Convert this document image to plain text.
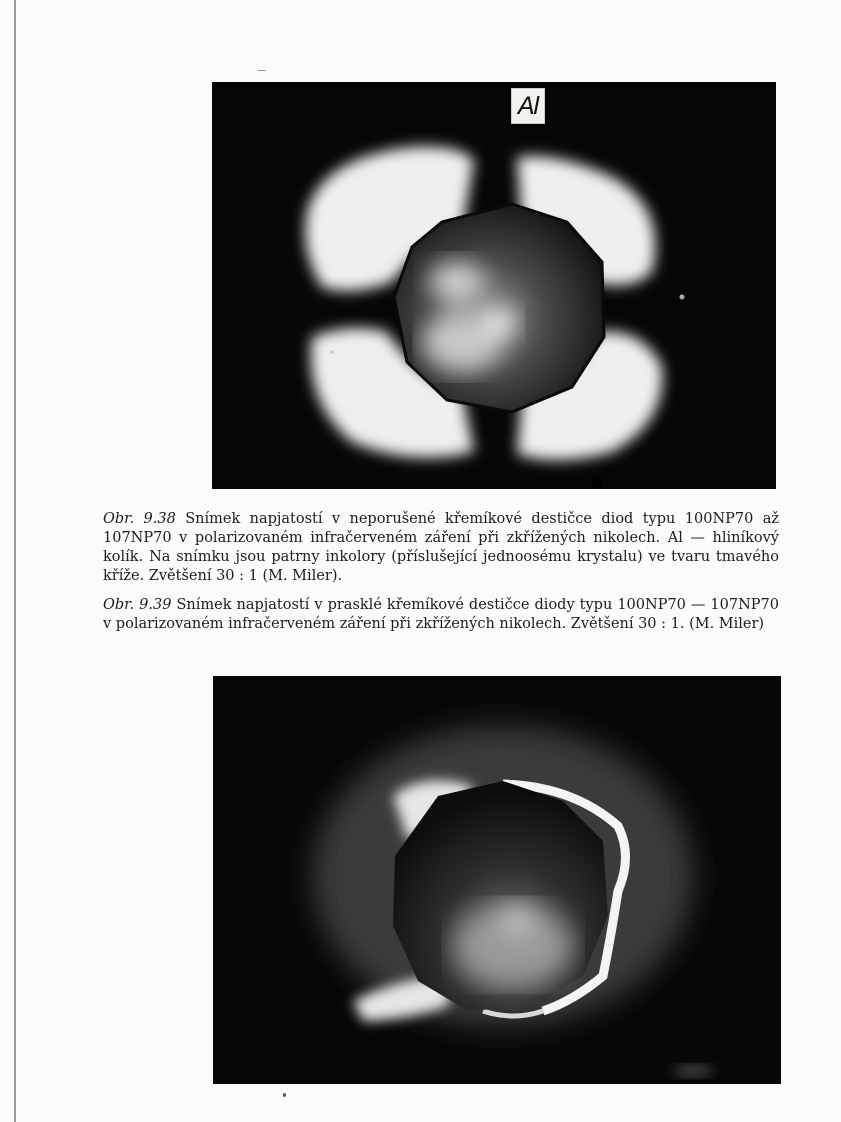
Al
Obr. 9.38 Snímek napjatostí v neporušené křemíkové destičce diod typu 100NP70 až 107NP70 v polarizovaném infračerveném záření při zkřížených nikolech. Al — hliníkový kolík. Na snímku jsou patrny inkolory (příslušející jednoosému krystalu) ve tvaru tmavého kříže. Zvětšení 30 : 1 (M. Miler).
Obr. 9.39 Snímek napjatostí v prasklé křemíkové destičce diody typu 100NP70 — 107NP70 v polarizovaném infračerveném záření při zkřížených nikolech. Zvětšení 30 : 1. (M. Miler)
